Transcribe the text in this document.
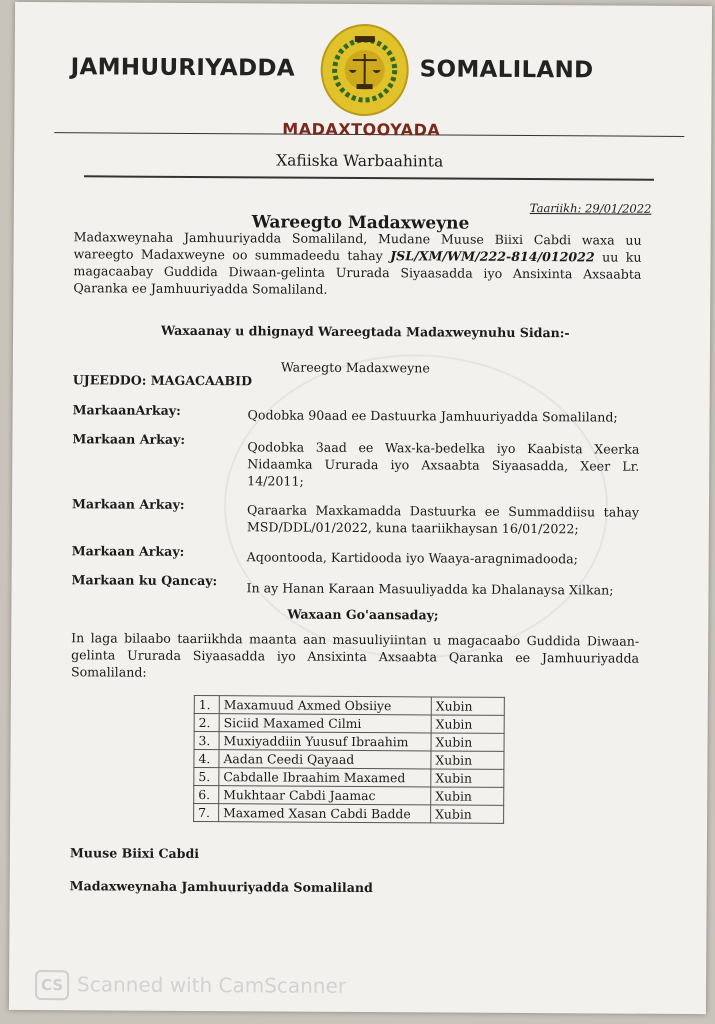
JAMHUURIYADDA	SOMALILAND
MADAXTOOYADA
Xafiiska Warbaahinta
Taariikh: 29/01/2022
Wareegto Madaxweyne
Madaxweynaha Jamhuuriyadda Somaliland, Mudane Muuse Biixi Cabdi waxa uu wareegto Madaxweyne oo summadeedu tahay JSL/XM/WM/222-814/012022 uu ku magacaabay Guddida Diwaan-gelinta Ururada Siyaasadda iyo Ansixinta Axsaabta Qaranka ee Jamhuuriyadda Somaliland.
Waxaanay u dhignayd Wareegtada Madaxweynuhu Sidan:-
Wareegto Madaxweyne
UJEEDDO: MAGACAABID
MarkaanArkay:	Qodobka 90aad ee Dastuurka Jamhuuriyadda Somaliland;
Markaan Arkay:
Qodobka 3aad ee Wax-ka-bedelka iyo Kaabista Xeerka Nidaamka Ururada iyo Axsaabta Siyaasadda, Xeer Lr. 14/2011;
Markaan Arkay:	Qaraarka Maxkamadda Dastuurka ee Summaddiisu tahay MSD/DDL/01/2022, kuna taariikhaysan 16/01/2022;
Markaan Arkay:	Aqoontooda, Kartidooda iyo Waaya-aragnimadooda;
Markaan ku Qancay:
In ay Hanan Karaan Masuuliyadda ka Dhalanaysa Xilkan;
Waxaan Go'aansaday;
In laga bilaabo taariikhda maanta aan masuuliyiintan u magacaabo Guddida Diwaan-gelinta Ururada Siyaasadda iyo Ansixinta Axsaabta Qaranka ee Jamhuuriyadda Somaliland:
1.	Maxamuud Axmed Obsiiye	Xubin
2.	Siciid Maxamed Cilmi	Xubin
3.	Muxiyaddiin Yuusuf Ibraahim	Xubin
4.	Aadan Ceedi Qayaad	Xubin
5.	Cabdalle Ibraahim Maxamed	Xubin
6.	Mukhtaar Cabdi Jaamac	Xubin
7.	Maxamed Xasan Cabdi Badde	Xubin
Muuse Biixi Cabdi
Madaxweynaha Jamhuuriyadda Somaliland
CS Scanned with CamScanner
